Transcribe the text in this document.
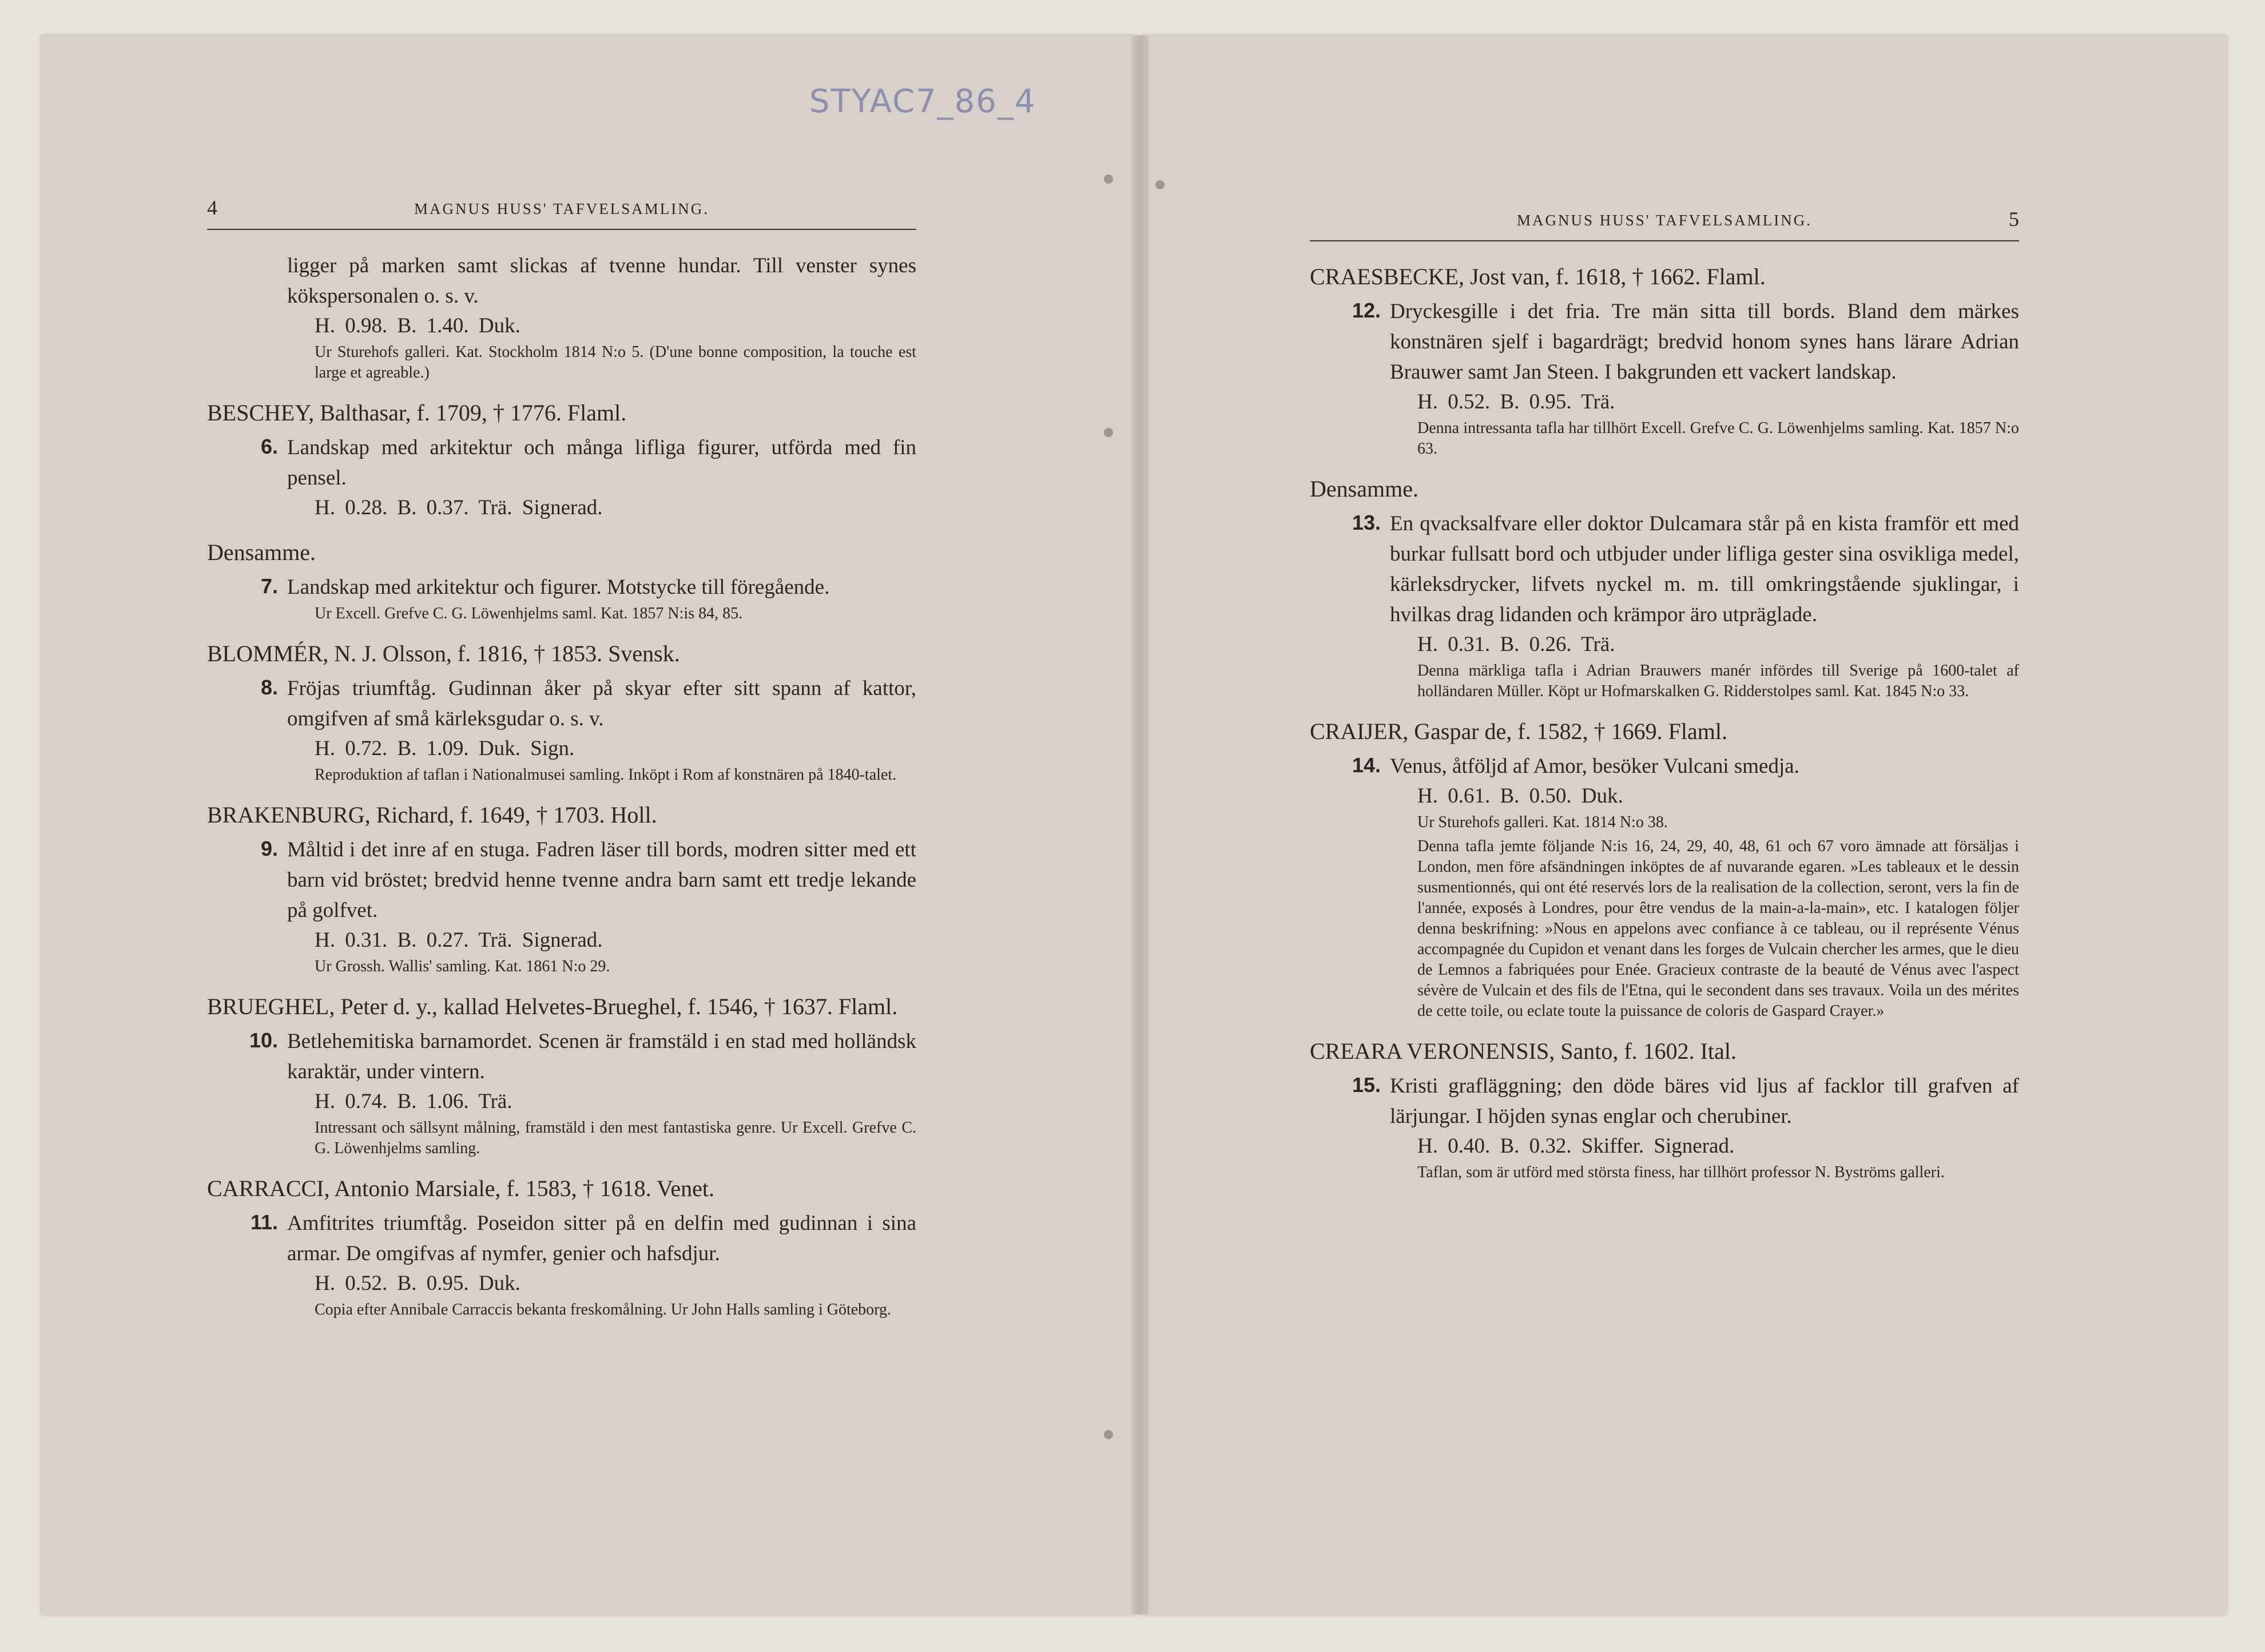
STYAC7_86_4
4	MAGNUS HUSS' TAFVELSAMLING.
ligger på marken samt slickas af tvenne hundar. Till venster synes kökspersonalen o. s. v.
H. 0.98. B. 1.40. Duk.
Ur Sturehofs galleri. Kat. Stockholm 1814 N:o 5. (D'une bonne composition, la touche est large et agreable.)
BESCHEY, Balthasar, f. 1709, † 1776. Flaml.
6. Landskap med arkitektur och många lifliga figurer, utförda med fin pensel.
H. 0.28. B. 0.37. Trä. Signerad.
Densamme.
7. Landskap med arkitektur och figurer. Motstycke till föregående.
Ur Excell. Grefve C. G. Löwenhjelms saml. Kat. 1857 N:is 84, 85.
BLOMMÉR, N. J. Olsson, f. 1816, † 1853. Svensk.
8. Fröjas triumftåg. Gudinnan åker på skyar efter sitt spann af kattor, omgifven af små kärleksgudar o. s. v.
H. 0.72. B. 1.09. Duk. Sign.
Reproduktion af taflan i Nationalmusei samling. Inköpt i Rom af konstnären på 1840-talet.
BRAKENBURG, Richard, f. 1649, † 1703. Holl.
9. Måltid i det inre af en stuga. Fadren läser till bords, modren sitter med ett barn vid bröstet; bredvid henne tvenne andra barn samt ett tredje lekande på golfvet.
H. 0.31. B. 0.27. Trä. Signerad.
Ur Grossh. Wallis' samling. Kat. 1861 N:o 29.
BRUEGHEL, Peter d. y., kallad Helvetes-Brueghel, f. 1546, † 1637. Flaml.
10. Betlehemitiska barnamordet. Scenen är framstäld i en stad med holländsk karaktär, under vintern.
H. 0.74. B. 1.06. Trä.
Intressant och sällsynt målning, framstäld i den mest fantastiska genre. Ur Excell. Grefve C. G. Löwenhjelms samling.
CARRACCI, Antonio Marsiale, f. 1583, † 1618. Venet.
11. Amfitrites triumftåg. Poseidon sitter på en delfin med gudinnan i sina armar. De omgifvas af nymfer, genier och hafsdjur.
H. 0.52. B. 0.95. Duk.
Copia efter Annibale Carraccis bekanta freskomålning. Ur John Halls samling i Göteborg.
MAGNUS HUSS' TAFVELSAMLING.	5
CRAESBECKE, Jost van, f. 1618, † 1662. Flaml.
12. Dryckesgille i det fria. Tre män sitta till bords. Bland dem märkes konstnären sjelf i bagardrägt; bredvid honom synes hans lärare Adrian Brauwer samt Jan Steen. I bakgrunden ett vackert landskap.
H. 0.52. B. 0.95. Trä.
Denna intressanta tafla har tillhört Excell. Grefve C. G. Löwenhjelms samling. Kat. 1857 N:o 63.
Densamme.
13. En qvacksalfvare eller doktor Dulcamara står på en kista framför ett med burkar fullsatt bord och utbjuder under lifliga gester sina osvikliga medel, kärleksdrycker, lifvets nyckel m. m. till omkringstående sjuklingar, i hvilkas drag lidanden och krämpor äro utpräglade.
H. 0.31. B. 0.26. Trä.
Denna märkliga tafla i Adrian Brauwers manér infördes till Sverige på 1600-talet af holländaren Müller. Köpt ur Hofmarskalken G. Ridderstolpes saml. Kat. 1845 N:o 33.
CRAIJER, Gaspar de, f. 1582, † 1669. Flaml.
14. Venus, åtföljd af Amor, besöker Vulcani smedja.
H. 0.61. B. 0.50. Duk.
Ur Sturehofs galleri. Kat. 1814 N:o 38.
Denna tafla jemte följande N:is 16, 24, 29, 40, 48, 61 och 67 voro ämnade att försäljas i London, men före afsändningen inköptes de af nuvarande egaren. »Les tableaux et le dessin susmentionnés, qui ont été reservés lors de la realisation de la collection, seront, vers la fin de l'année, exposés à Londres, pour être vendus de la main-a-la-main», etc. I katalogen följer denna beskrifning: »Nous en appelons avec confiance à ce tableau, ou il représente Vénus accompagnée du Cupidon et venant dans les forges de Vulcain chercher les armes, que le dieu de Lemnos a fabriquées pour Enée. Gracieux contraste de la beauté de Vénus avec l'aspect sévère de Vulcain et des fils de l'Etna, qui le secondent dans ses travaux. Voila un des mérites de cette toile, ou eclate toute la puissance de coloris de Gaspard Crayer.»
CREARA VERONENSIS, Santo, f. 1602. Ital.
15. Kristi grafläggning; den döde bäres vid ljus af facklor till grafven af lärjungar. I höjden synas englar och cherubiner.
H. 0.40. B. 0.32. Skiffer. Signerad.
Taflan, som är utförd med största finess, har tillhört professor N. Byströms galleri.
